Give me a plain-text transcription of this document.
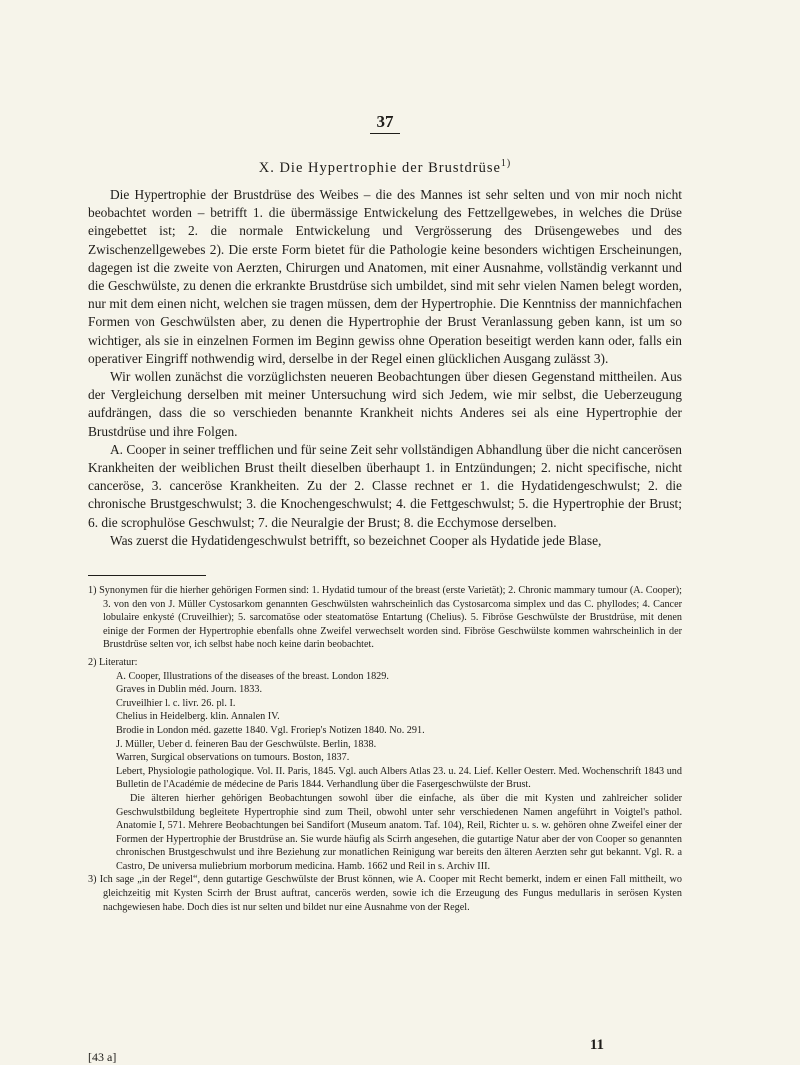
37
X. Die Hypertrophie der Brustdrüse$^{1)}$

Die Hypertrophie der Brustdrüse des Weibes – die des Mannes ist sehr selten und von mir noch nicht beobachtet worden – betrifft 1. die übermässige Entwickelung des Fettzellgewebes, in welches die Drüse eingebettet ist; 2. die normale Entwickelung und Vergrösserung des Drüsengewebes und des Zwischenzellgewebes 2). Die erste Form bietet für die Pathologie keine besonders wichtigen Erscheinungen, dagegen ist die zweite von Aerzten, Chirurgen und Anatomen, mit einer Ausnahme, vollständig verkannt und die Geschwülste, zu denen die erkrankte Brustdrüse sich umbildet, sind mit sehr vielen Namen belegt worden, nur mit dem einen nicht, welchen sie tragen müssen, dem der Hypertrophie. Die Kenntniss der mannichfachen Formen von Geschwülsten aber, zu denen die Hypertrophie der Brust Veranlassung geben kann, ist um so wichtiger, als sie in einzelnen Formen im Beginn gewiss ohne Operation beseitigt werden kann oder, falls ein operativer Eingriff nothwendig wird, derselbe in der Regel einen glücklichen Ausgang zulässt 3).

Wir wollen zunächst die vorzüglichsten neueren Beobachtungen über diesen Gegenstand mittheilen. Aus der Vergleichung derselben mit meiner Untersuchung wird sich Jedem, wie mir selbst, die Ueberzeugung aufdrängen, dass die so verschieden benannte Krankheit nichts Anderes sei als eine Hypertrophie der Brustdrüse und ihre Folgen.

A. Cooper in seiner trefflichen und für seine Zeit sehr vollständigen Abhandlung über die nicht cancerösen Krankheiten der weiblichen Brust theilt dieselben überhaupt 1. in Entzündungen; 2. nicht specifische, nicht canceröse, 3. canceröse Krankheiten. Zu der 2. Classe rechnet er 1. die Hydatidengeschwulst; 2. die chronische Brustgeschwulst; 3. die Knochengeschwulst; 4. die Fettgeschwulst; 5. die Hypertrophie der Brust; 6. die scrophulöse Geschwulst; 7. die Neuralgie der Brust; 8. die Ecchymose derselben.

Was zuerst die Hydatidengeschwulst betrifft, so bezeichnet Cooper als Hydatide jede Blase,

1) Synonymen für die hierher gehörigen Formen sind: 1. Hydatid tumour of the breast (erste Varietät); 2. Chronic mammary tumour (A. Cooper); 3. von den von J. Müller Cystosarkom genannten Geschwülsten wahrscheinlich das Cystosarcoma simplex und das C. phyllodes; 4. Cancer lobulaire enkysté (Cruveilhier); 5. sarcomatöse oder steatomatöse Entartung (Chelius). 5. Fibröse Geschwülste der Brustdrüse, mit denen einige der Formen der Hypertrophie ebenfalls ohne Zweifel verwechselt worden sind. Fibröse Geschwülste kommen wahrscheinlich in der Brustdrüse selten vor, ich selbst habe noch keine darin beobachtet.

2) Literatur:

A. Cooper, Illustrations of the diseases of the breast. London 1829.

Graves in Dublin méd. Journ. 1833.

Cruveilhier l. c. livr. 26. pl. I.

Chelius in Heidelberg. klin. Annalen IV.

Brodie in London méd. gazette 1840. Vgl. Froriep's Notizen 1840. No. 291.

J. Müller, Ueber d. feineren Bau der Geschwülste. Berlin, 1838.

Warren, Surgical observations on tumours. Boston, 1837.

Lebert, Physiologie pathologique. Vol. II. Paris, 1845. Vgl. auch Albers Atlas 23. u. 24. Lief. Keller Oesterr. Med. Wochenschrift 1843 und Bulletin de l'Académie de médecine de Paris 1844. Verhandlung über die Fasergeschwülste der Brust.

Die älteren hierher gehörigen Beobachtungen sowohl über die einfache, als über die mit Kysten und zahlreicher solider Geschwulstbildung begleitete Hypertrophie sind zum Theil, obwohl unter sehr verschiedenen Namen angeführt in Voigtel's pathol. Anatomie I, 571. Mehrere Beobachtungen bei Sandifort (Museum anatom. Taf. 104), Reil, Richter u. s. w. gehören ohne Zweifel einer der Formen der Hypertrophie der Brustdrüse an. Sie wurde häufig als Scirrh angesehen, die gutartige Natur aber der von Cooper so genannten chronischen Brustgeschwulst und ihre Beziehung zur monatlichen Reinigung war bereits den älteren Aerzten sehr gut bekannt. Vgl. R. a Castro, De universa muliebrium morborum medicina. Hamb. 1662 und Reil in s. Archiv III.

3) Ich sage „in der Regel“, denn gutartige Geschwülste der Brust können, wie A. Cooper mit Recht bemerkt, indem er einen Fall mittheilt, wo gleichzeitig mit Kysten Scirrh der Brust auftrat, cancerös werden, sowie ich die Erzeugung des Fungus medullaris in serösen Kysten nachgewiesen habe. Doch dies ist nur selten und bildet nur eine Ausnahme von der Regel.

11
[43 a]
